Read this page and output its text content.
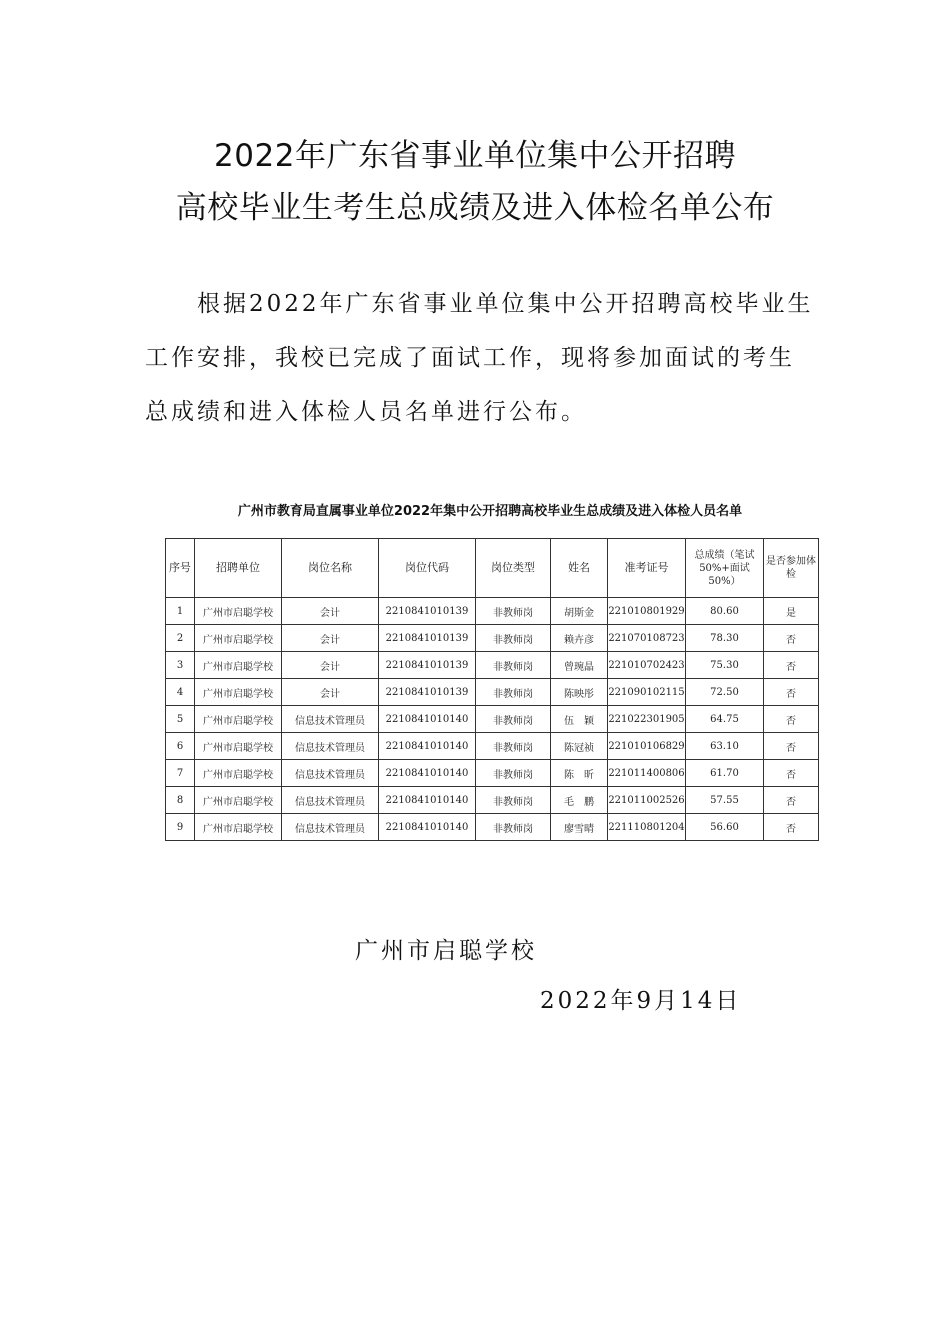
2022年广东省事业单位集中公开招聘
高校毕业生考生总成绩及进入体检名单公布

根据2022年广东省事业单位集中公开招聘高校毕业生工作安排，我校已完成了面试工作，现将参加面试的考生总成绩和进入体检人员名单进行公布。

广州市教育局直属事业单位2022年集中公开招聘高校毕业生总成绩及进入体检人员名单
序号	招聘单位	岗位名称	岗位代码	岗位类型	姓名	准考证号	总成绩（笔试50%+面试50%）	是否参加体检
1	广州市启聪学校	会计	2210841010139	非教师岗	胡斯金	221010801929	80.60	是
2	广州市启聪学校	会计	2210841010139	非教师岗	赖卉彦	221070108723	78.30	否
3	广州市启聪学校	会计	2210841010139	非教师岗	曾琬晶	221010702423	75.30	否
4	广州市启聪学校	会计	2210841010139	非教师岗	陈映彤	221090102115	72.50	否
5	广州市启聪学校	信息技术管理员	2210841010140	非教师岗	伍　颖	221022301905	64.75	否
6	广州市启聪学校	信息技术管理员	2210841010140	非教师岗	陈冠祯	221010106829	63.10	否
7	广州市启聪学校	信息技术管理员	2210841010140	非教师岗	陈　昕	221011400806	61.70	否
8	广州市启聪学校	信息技术管理员	2210841010140	非教师岗	毛　鹏	221011002526	57.55	否
9	广州市启聪学校	信息技术管理员	2210841010140	非教师岗	廖雪晴	221110801204	56.60	否
广州市启聪学校
2022年9月14日
